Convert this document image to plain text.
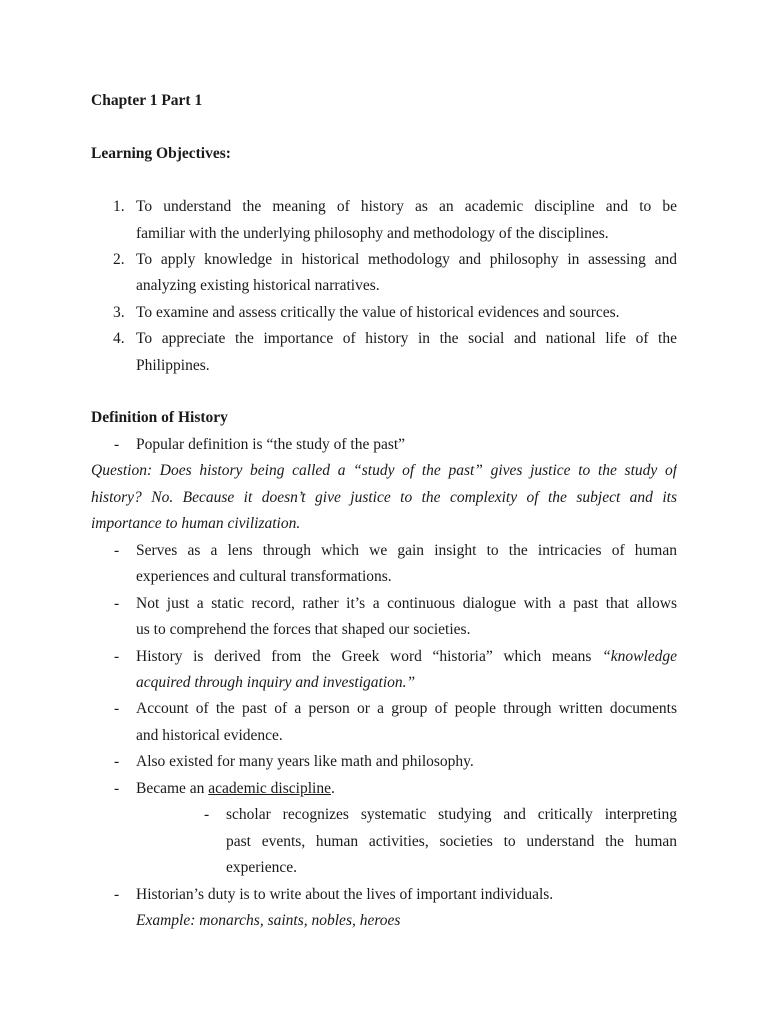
Chapter 1 Part 1
Learning Objectives:
1. To understand the meaning of history as an academic discipline and to be
familiar with the underlying philosophy and methodology of the disciplines.
2. To apply knowledge in historical methodology and philosophy in assessing and
analyzing existing historical narratives.
3. To examine and assess critically the value of historical evidences and sources.
4. To appreciate the importance of history in the social and national life of the
Philippines.
Definition of History
- Popular definition is “the study of the past”
Question: Does history being called a “study of the past” gives justice to the study of
history? No. Because it doesn’t give justice to the complexity of the subject and its
importance to human civilization.
- Serves as a lens through which we gain insight to the intricacies of human
experiences and cultural transformations.
- Not just a static record, rather it’s a continuous dialogue with a past that allows
us to comprehend the forces that shaped our societies.
- History is derived from the Greek word “historia” which means “knowledge
acquired through inquiry and investigation.”
- Account of the past of a person or a group of people through written documents
and historical evidence.
- Also existed for many years like math and philosophy.
- Became an academic discipline.
- scholar recognizes systematic studying and critically interpreting
past events, human activities, societies to understand the human
experience.
- Historian’s duty is to write about the lives of important individuals.
Example: monarchs, saints, nobles, heroes
